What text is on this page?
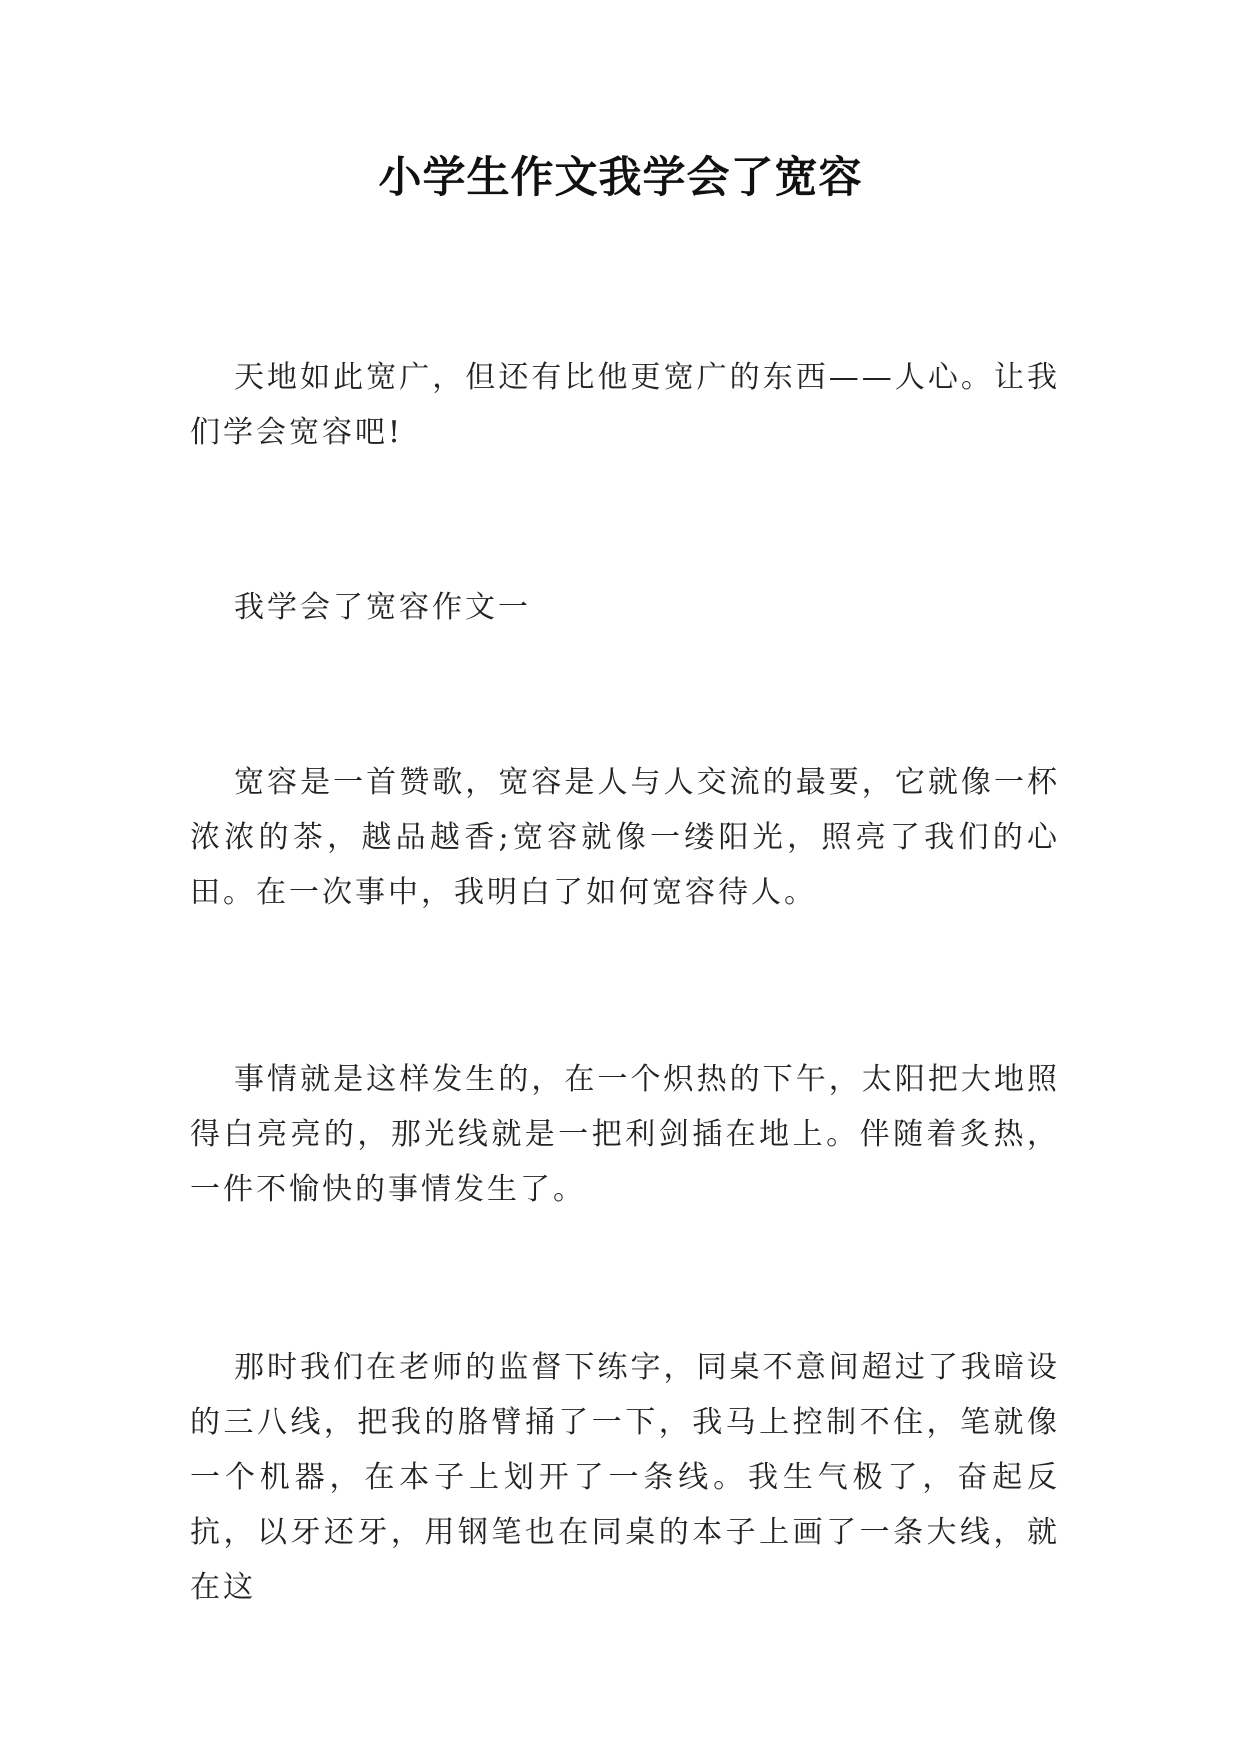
小学生作文我学会了宽容

天地如此宽广，但还有比他更宽广的东西——人心。让我们学会宽容吧!

我学会了宽容作文一

宽容是一首赞歌，宽容是人与人交流的最要，它就像一杯浓浓的茶，越品越香;宽容就像一缕阳光，照亮了我们的心田。在一次事中，我明白了如何宽容待人。

事情就是这样发生的，在一个炽热的下午，太阳把大地照得白亮亮的，那光线就是一把利剑插在地上。伴随着炙热，一件不愉快的事情发生了。

那时我们在老师的监督下练字，同桌不意间超过了我暗设的三八线，把我的胳臂捅了一下，我马上控制不住，笔就像一个机器，在本子上划开了一条线。我生气极了，奋起反抗，以牙还牙，用钢笔也在同桌的本子上画了一条大线，就在这
